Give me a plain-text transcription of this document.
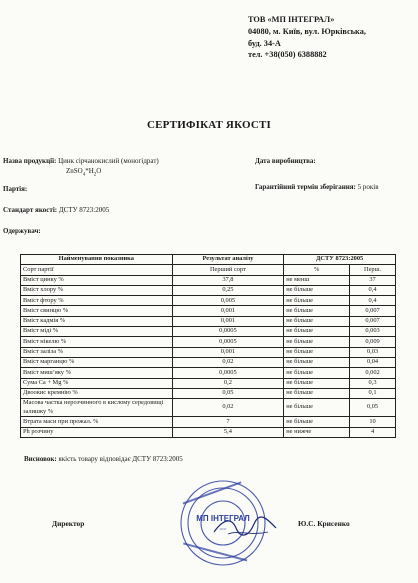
ТОВ «МП ІНТЕГРАЛ»
04080, м. Київ, вул. Юрківська,
буд. 34-А
тел. +38(050) 6388882
СЕРТИФІКАТ ЯКОСТІ
Назва продукції: Цинк сірчанокислий (моногідрат)
$ZnSO_4*H_2O$
Дата виробництва:
Партія:	Гарантійний термін зберігання: 5 років
Стандарт якості: ДСТУ 8723:2005
Одержувач:
Найменування показника	Результат аналізу	ДСТУ 8723:2005	
Сорт партії	Перший сорт	%	Перш.
Вміст цинку %	37,8	не менш	37
Вміст хлору %	0,25	не більше	0,4
Вміст фтору %	0,005	не більше	0,4
Вміст свинцю %	0,001	не більше	0,007
Вміст кадмія %	0,001	не більше	0,007
Вміст міді %	0,0005	не більше	0,003
Вміст нікелю %	0,0005	не більше	0,009
Вміст заліза %	0,001	не більше	0,03
Вміст марганцю %	0,02	не більше	0,04
Вміст мишʼяку %	0,0005	не більше	0,002
Сума Ca + Mg %	0,2	не більше	0,3
Двоокис кремнію %	0,05	не більше	0,1
Масова частка нерозчинного в кислому середовищі залишку %	0,02	не більше	0,05
Втрата маси при прожал. %	7	не більше	10
Ph розчину	5,4	не нижче	4
Висновок: якість товару відповідає ДСТУ 8723:2005
МП ІНТЕГРАЛ
•••••
Директор	Ю.С. Крисенко
